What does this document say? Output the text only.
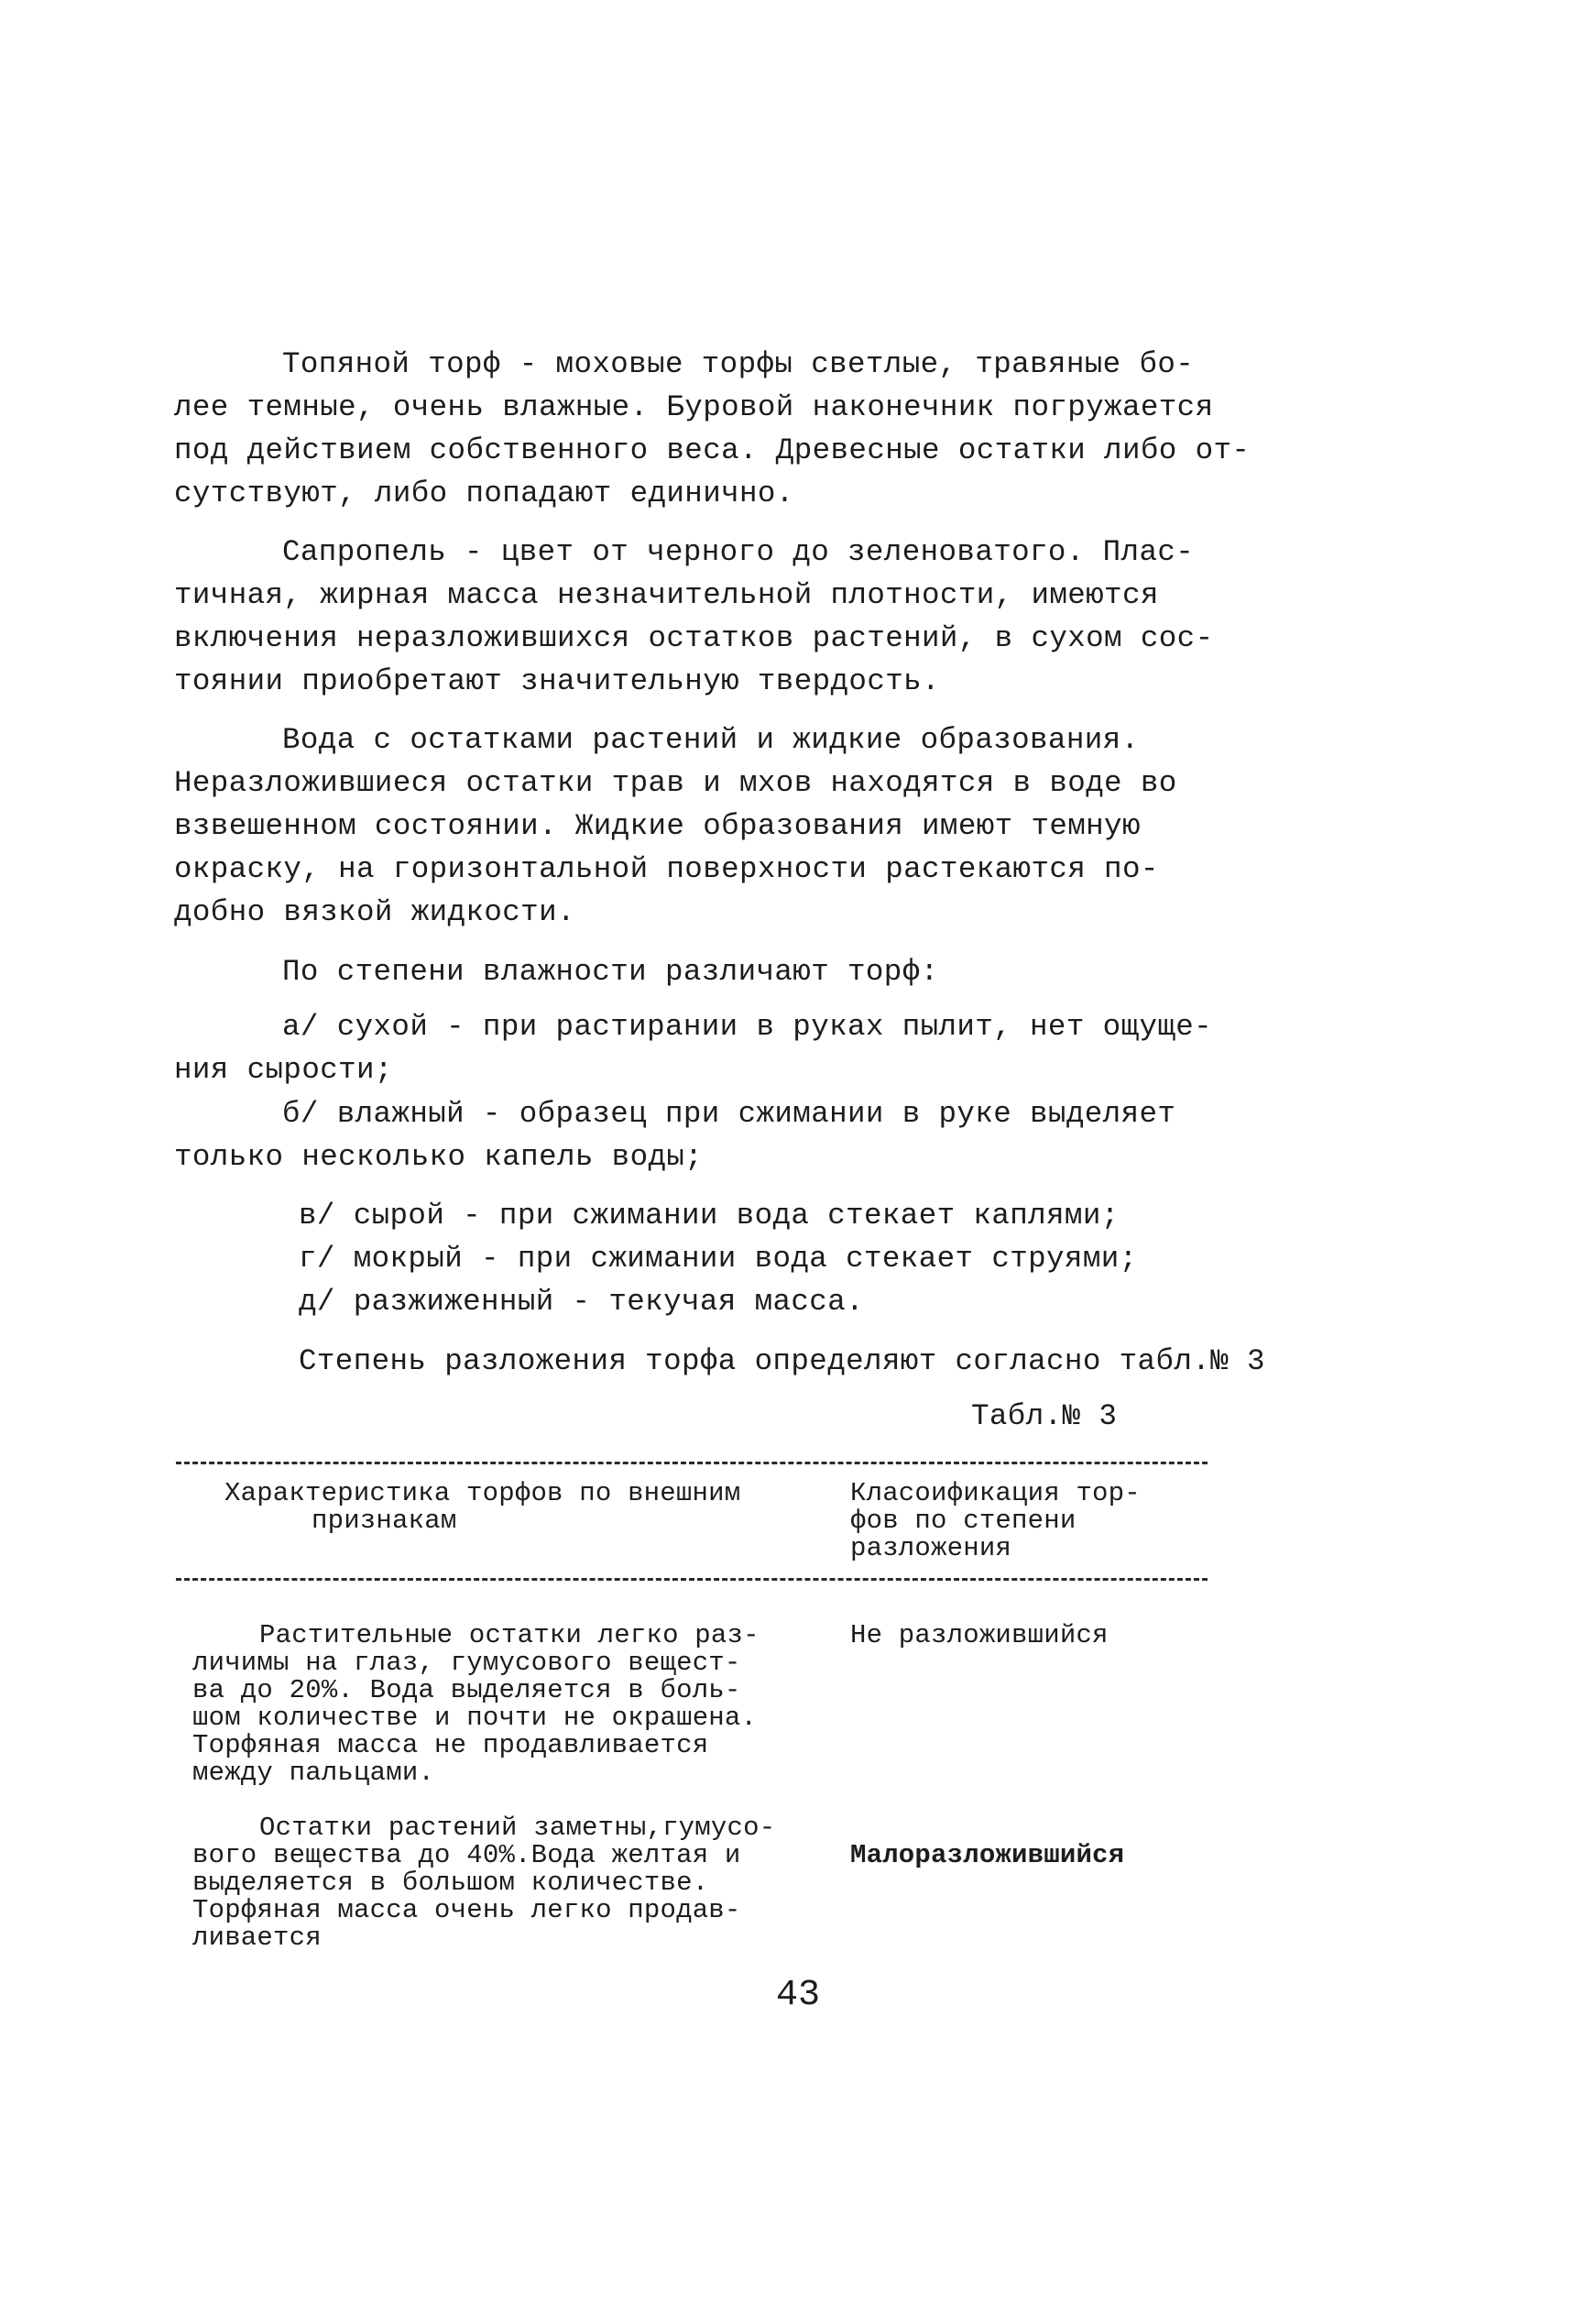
Топяной торф - моховые торфы светлые, травяные бо-
лее темные, очень влажные. Буровой наконечник погружается
под действием собственного веса. Древесные остатки либо от-
сутствуют, либо попадают единично.
Сапропель - цвет от черного до зеленоватого. Плас-
тичная, жирная масса незначительной плотности, имеются
включения неразложившихся остатков растений, в сухом сос-
тоянии приобретают значительную твердость.
Вода с остатками растений и жидкие образования.
Неразложившиеся остатки трав и мхов находятся в воде во
взвешенном состоянии. Жидкие образования имеют темную
окраску, на горизонтальной поверхности растекаются по-
добно вязкой жидкости.
По степени влажности различают торф:
а/ сухой - при растирании в руках пылит, нет ощуще-
ния сырости;
б/ влажный - образец при сжимании в руке выделяет
только несколько капель воды;
в/ сырой - при сжимании вода стекает каплями;
г/ мокрый - при сжимании вода стекает струями;
д/ разжиженный - текучая масса.
Степень разложения торфа определяют согласно табл.№ 3
Табл.№ 3
Характеристика торфов по внешним
признакам
Класоификация тор-
фов по степени
разложения
Растительные остатки легко раз-
личимы на глаз, гумусового вещест-
ва до 20%. Вода выделяется в боль-
шом количестве и почти не окрашена.
Торфяная масса не продавливается
между пальцами.
Не разложившийся
Остатки растений заметны,гумусо-
вого вещества до 40%.Вода желтая и
выделяется в большом количестве.
Торфяная масса очень легко продав-
ливается
Малоразложившийся
43
